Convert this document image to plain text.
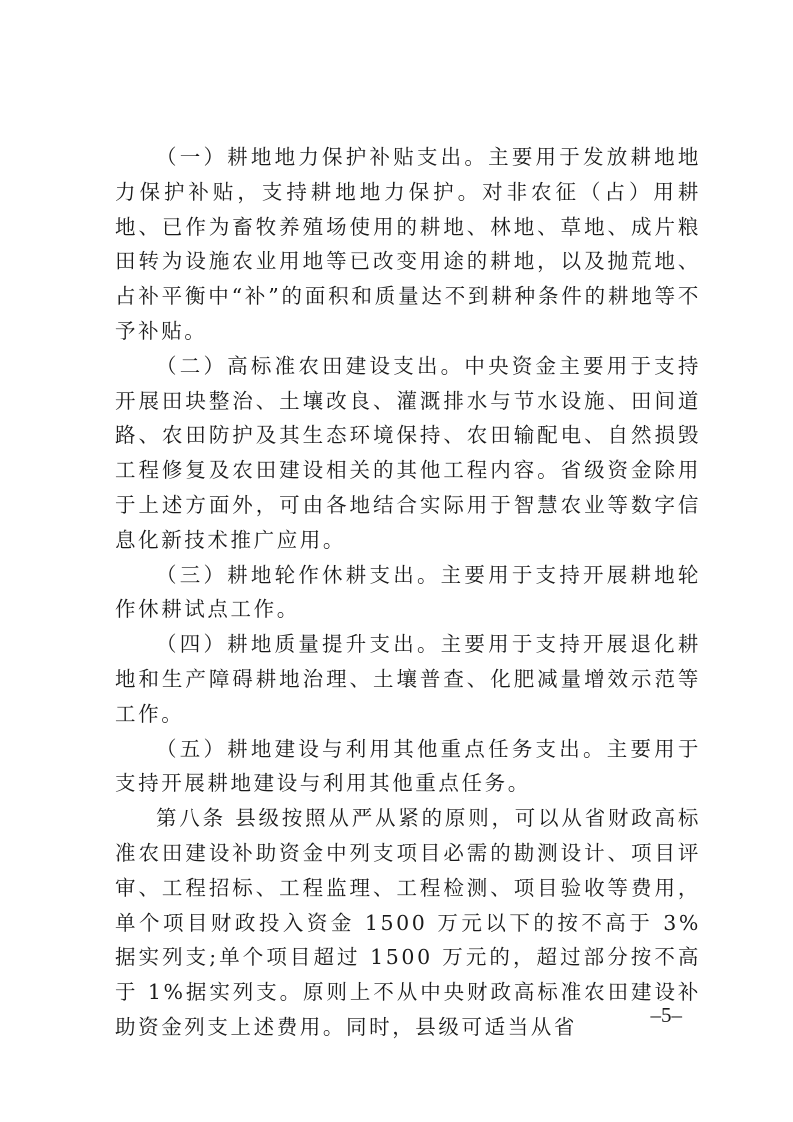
（一）耕地地力保护补贴支出。主要用于发放耕地地力保护补贴，支持耕地地力保护。对非农征（占）用耕地、已作为畜牧养殖场使用的耕地、林地、草地、成片粮田转为设施农业用地等已改变用途的耕地，以及抛荒地、占补平衡中“补”的面积和质量达不到耕种条件的耕地等不予补贴。

（二）高标准农田建设支出。中央资金主要用于支持开展田块整治、土壤改良、灌溉排水与节水设施、田间道路、农田防护及其生态环境保持、农田输配电、自然损毁工程修复及农田建设相关的其他工程内容。省级资金除用于上述方面外，可由各地结合实际用于智慧农业等数字信息化新技术推广应用。

（三）耕地轮作休耕支出。主要用于支持开展耕地轮作休耕试点工作。

（四）耕地质量提升支出。主要用于支持开展退化耕地和生产障碍耕地治理、土壤普查、化肥减量增效示范等工作。

（五）耕地建设与利用其他重点任务支出。主要用于支持开展耕地建设与利用其他重点任务。

第八条 县级按照从严从紧的原则，可以从省财政高标准农田建设补助资金中列支项目必需的勘测设计、项目评审、工程招标、工程监理、工程检测、项目验收等费用，单个项目财政投入资金 1500 万元以下的按不高于 3%据实列支;单个项目超过 1500 万元的，超过部分按不高于 1%据实列支。原则上不从中央财政高标准农田建设补助资金列支上述费用。同时，县级可适当从省	–5–
